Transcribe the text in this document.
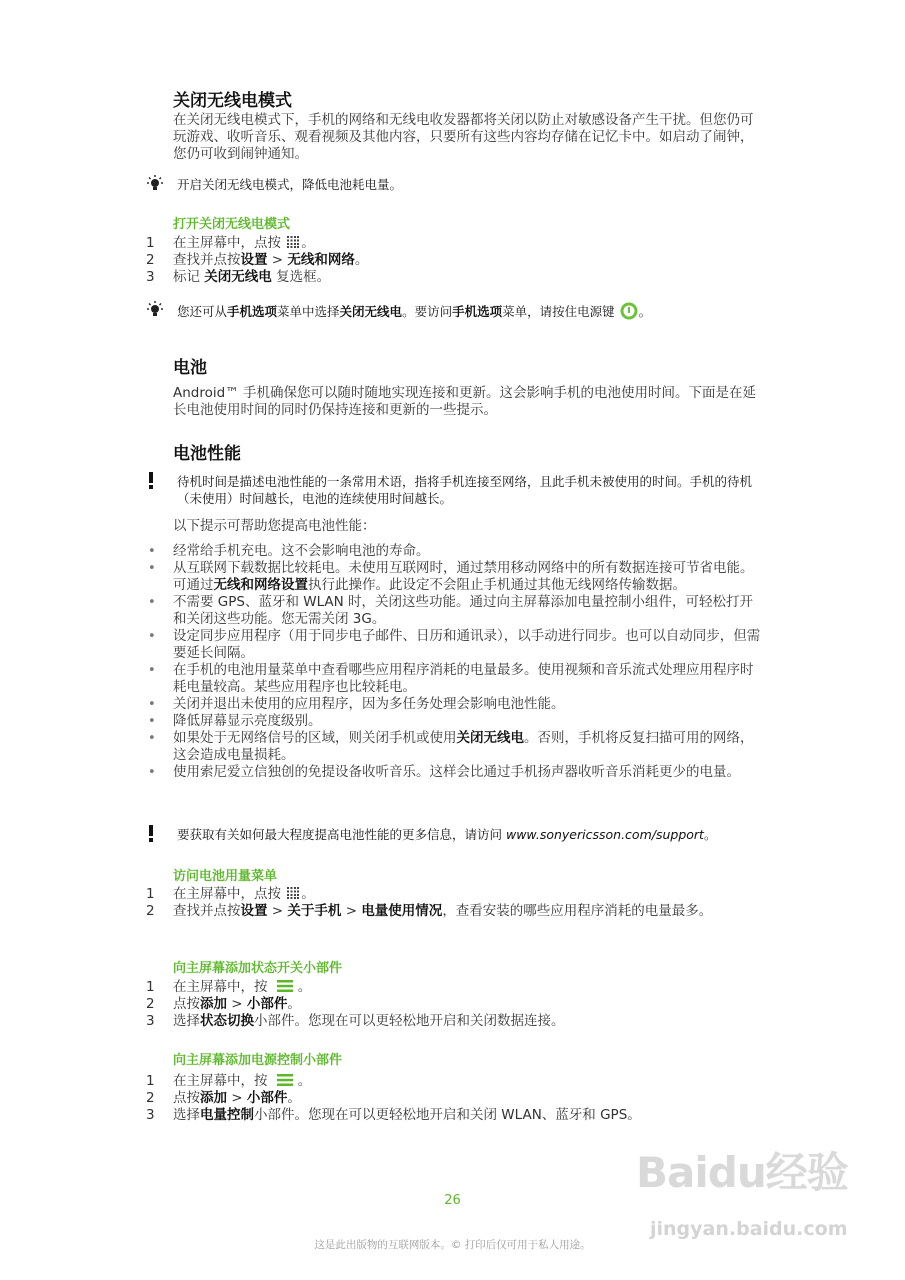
关闭无线电模式

在关闭无线电模式下，手机的网络和无线电收发器都将关闭以防止对敏感设备产生干扰。但您仍可玩游戏、收听音乐、观看视频及其他内容，只要所有这些内容均存储在记忆卡中。如启动了闹钟，您仍可收到闹钟通知。

开启关闭无线电模式，降低电池耗电量。
打开关闭无线电模式
1	在主屏幕中，点按 。
2	查找并点按设置 > 无线和网络。
3	标记 关闭无线电 复选框。
您还可从手机选项菜单中选择关闭无线电。要访问手机选项菜单，请按住电源键 。
电池

Android™ 手机确保您可以随时随地实现连接和更新。这会影响手机的电池使用时间。下面是在延长电池使用时间的同时仍保持连接和更新的一些提示。

电池性能
待机时间是描述电池性能的一条常用术语，指将手机连接至网络，且此手机未被使用的时间。手机的待机（未使用）时间越长，电池的连续使用时间越长。

以下提示可帮助您提高电池性能：

• 经常给手机充电。这不会影响电池的寿命。
• 从互联网下载数据比较耗电。未使用互联网时，通过禁用移动网络中的所有数据连接可节省电能。可通过无线和网络设置执行此操作。此设定不会阻止手机通过其他无线网络传输数据。
• 不需要 GPS、蓝牙和 WLAN 时，关闭这些功能。通过向主屏幕添加电量控制小组件，可轻松打开和关闭这些功能。您无需关闭 3G。
• 设定同步应用程序（用于同步电子邮件、日历和通讯录），以手动进行同步。也可以自动同步，但需要延长间隔。
• 在手机的电池用量菜单中查看哪些应用程序消耗的电量最多。使用视频和音乐流式处理应用程序时耗电量较高。某些应用程序也比较耗电。
• 关闭并退出未使用的应用程序，因为多任务处理会影响电池性能。
• 降低屏幕显示亮度级别。
• 如果处于无网络信号的区域，则关闭手机或使用关闭无线电。否则，手机将反复扫描可用的网络，这会造成电量损耗。
• 使用索尼爱立信独创的免提设备收听音乐。这样会比通过手机扬声器收听音乐消耗更少的电量。
要获取有关如何最大程度提高电池性能的更多信息，请访问 www.sonyericsson.com/support。
访问电池用量菜单
1	在主屏幕中，点按 。
2	查找并点按设置 > 关于手机 > 电量使用情况，查看安装的哪些应用程序消耗的电量最多。
向主屏幕添加状态开关小部件
1	在主屏幕中，按 。
2	点按添加 > 小部件。
3	选择状态切换小部件。您现在可以更轻松地开启和关闭数据连接。
向主屏幕添加电源控制小部件
1	在主屏幕中，按 。
2	点按添加 > 小部件。
3	选择电量控制小部件。您现在可以更轻松地开启和关闭 WLAN、蓝牙和 GPS。
Baidu经验
jingyan.baidu.com
26
这是此出版物的互联网版本。© 打印后仅可用于私人用途。
